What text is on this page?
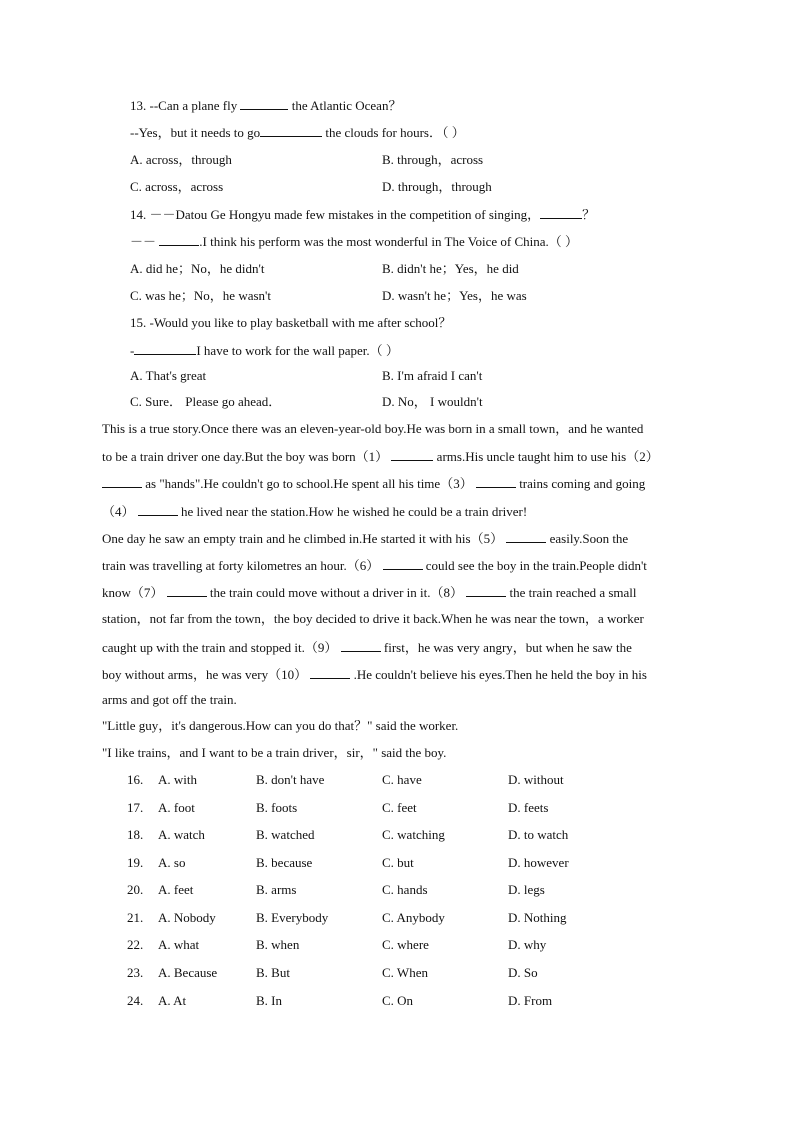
13. --Can a plane fly	the Atlantic Ocean？
--Yes，but it needs to go	the clouds for hours．（ ）
A. across，through	B. through，across
C. across，across	D. through，through
14. －－Datou Ge Hongyu made few mistakes in the competition of singing，	？
－－	.I think his perform was the most wonderful in The Voice of China.（ ）
A. did he；No，he didn't	B. didn't he；Yes，he did
C. was he；No，he wasn't	D. wasn't he；Yes，he was
15. -Would you like to play basketball with me after school？
-	I have to work for the wall paper.（ ）
A. That's great	B. I'm afraid I can't
C. Sure． Please go ahead．	D. No， I wouldn't
This is a true story.Once there was an eleven-year-old boy.He was born in a small town，and he wanted
to be a train driver one day.But the boy was born（1）	arms.His uncle taught him to use his（2）
as "hands".He couldn't go to school.He spent all his time（3）	trains coming and going
（4）	he lived near the station.How he wished he could be a train driver!
One day he saw an empty train and he climbed in.He started it with his（5）	easily.Soon the
train was travelling at forty kilometres an hour.（6）	could see the boy in the train.People didn't
know（7）	the train could move without a driver in it.（8）	the train reached a small
station，not far from the town，the boy decided to drive it back.When he was near the town，a worker
caught up with the train and stopped it.（9）	first，he was very angry，but when he saw the
boy without arms，he was very（10）	.He couldn't believe his eyes.Then he held the boy in his
arms and got off the train.
"Little guy，it's dangerous.How can you do that？" said the worker.
"I like trains，and I want to be a train driver，sir，" said the boy.
16. A. with	B. don't have	C. have	D. without
17. A. foot	B. foots	C. feet	D. feets
18. A. watch	B. watched	C. watching	D. to watch
19. A. so	B. because	C. but	D. however
20. A. feet	B. arms	C. hands	D. legs
21. A. Nobody	B. Everybody	C. Anybody	D. Nothing
22. A. what	B. when	C. where	D. why
23. A. Because	B. But	C. When	D. So
24. A. At	B. In	C. On	D. From
